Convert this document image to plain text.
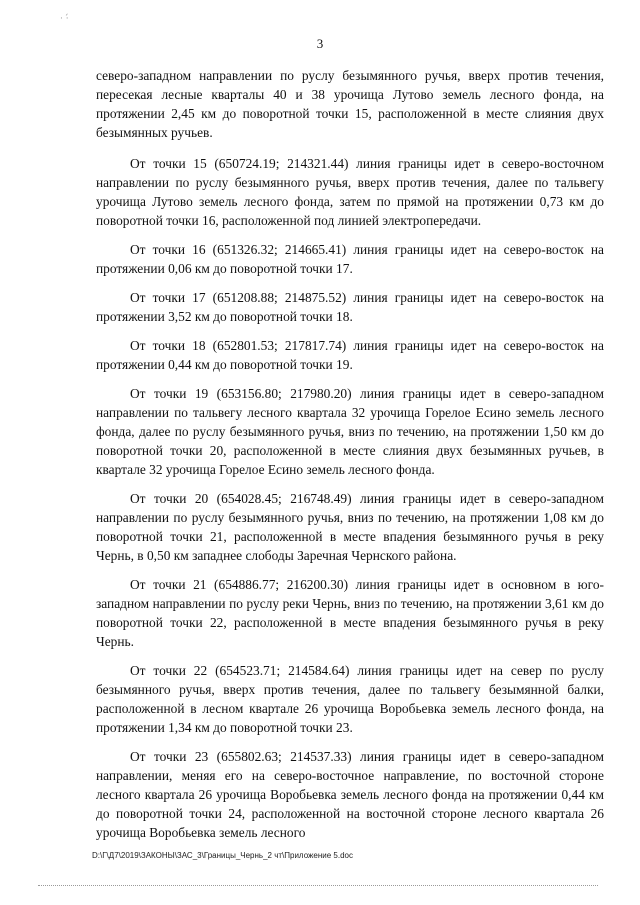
· ·́
3

северо-западном направлении по руслу безымянного ручья, вверх против течения, пересекая лесные кварталы 40 и 38 урочища Лутово земель лесного фонда, на протяжении 2,45 км до поворотной точки 15, расположенной в месте слияния двух безымянных ручьев.

От точки 15 (650724.19; 214321.44) линия границы идет в северо-восточном направлении по руслу безымянного ручья, вверх против течения, далее по тальвегу урочища Лутово земель лесного фонда, затем по прямой на протяжении 0,73 км до поворотной точки 16, расположенной под линией электропередачи.

От точки 16 (651326.32; 214665.41) линия границы идет на северо-восток на протяжении 0,06 км до поворотной точки 17.

От точки 17 (651208.88; 214875.52) линия границы идет на северо-восток на протяжении 3,52 км до поворотной точки 18.

От точки 18 (652801.53; 217817.74) линия границы идет на северо-восток на протяжении 0,44 км до поворотной точки 19.

От точки 19 (653156.80; 217980.20) линия границы идет в северо-западном направлении по тальвегу лесного квартала 32 урочища Горелое Есино земель лесного фонда, далее по руслу безымянного ручья, вниз по течению, на протяжении 1,50 км до поворотной точки 20, расположенной в месте слияния двух безымянных ручьев, в квартале 32 урочища Горелое Есино земель лесного фонда.

От точки 20 (654028.45; 216748.49) линия границы идет в северо-западном направлении по руслу безымянного ручья, вниз по течению, на протяжении 1,08 км до поворотной точки 21, расположенной в месте впадения безымянного ручья в реку Чернь, в 0,50 км западнее слободы Заречная Чернского района.

От точки 21 (654886.77; 216200.30) линия границы идет в основном в юго-западном направлении по руслу реки Чернь, вниз по течению, на протяжении 3,61 км до поворотной точки 22, расположенной в месте впадения безымянного ручья в реку Чернь.

От точки 22 (654523.71; 214584.64) линия границы идет на север по руслу безымянного ручья, вверх против течения, далее по тальвегу безымянной балки, расположенной в лесном квартале 26 урочища Воробьевка земель лесного фонда, на протяжении 1,34 км до поворотной точки 23.

От точки 23 (655802.63; 214537.33) линия границы идет в северо-западном направлении, меняя его на северо-восточное направление, по восточной стороне лесного квартала 26 урочища Воробьевка земель лесного фонда на протяжении 0,44 км до поворотной точки 24, расположенной на восточной стороне лесного квартала 26 урочища Воробьевка земель лесного

D:\Г\Д7\2019\ЗАКОНЫ\ЗАС_3\Границы_Чернь_2 чт\Приложение 5.doc
